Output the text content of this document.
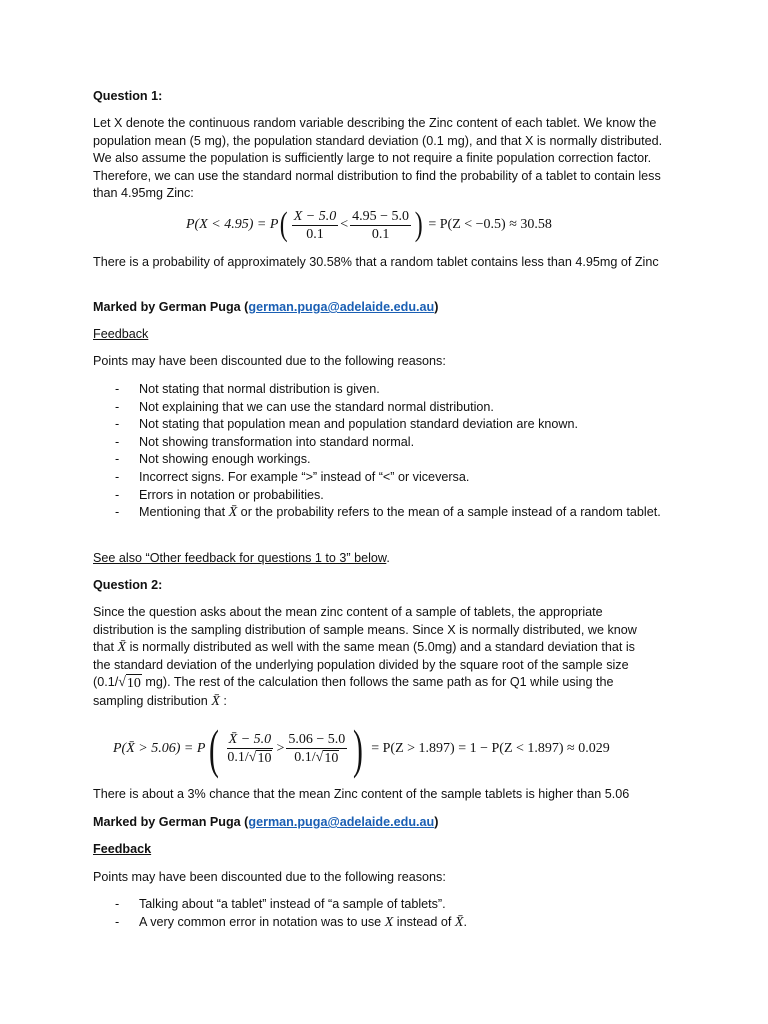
Question 1:

Let X denote the continuous random variable describing the Zinc content of each tablet. We know the population mean (5 mg), the population standard deviation (0.1 mg), and that X is normally distributed. We also assume the population is sufficiently large to not require a finite population correction factor. Therefore, we can use the standard normal distribution to find the probability of a tablet to contain less than 4.95mg Zinc:

P(X < 4.95) = P ( $\frac{X - 5.0}{0.1} < \frac{4.95 - 5.0}{0.1}$ ) = P(Z < −0.5) ≈ 30.58

There is a probability of approximately 30.58% that a random tablet contains less than 4.95mg of Zinc

Marked by German Puga (german.puga@adelaide.edu.au)

Feedback

Points may have been discounted due to the following reasons:

- Not stating that normal distribution is given.
- Not explaining that we can use the standard normal distribution.
- Not stating that population mean and population standard deviation are known.
- Not showing transformation into standard normal.
- Not showing enough workings.
- Incorrect signs. For example “>” instead of “<” or viceversa.
- Errors in notation or probabilities.
- Mentioning that X̄ or the probability refers to the mean of a sample instead of a random tablet.

See also “Other feedback for questions 1 to 3” below.

Question 2:

Since the question asks about the mean zinc content of a sample of tablets, the appropriate

distribution is the sampling distribution of sample means. Since X is normally distributed, we know

that X̄ is normally distributed as well with the same mean (5.0mg) and a standard deviation that is

the standard deviation of the underlying population divided by the square root of the sample size

(0.1/√ 10 mg). The rest of the calculation then follows the same path as for Q1 while using the

sampling distribution X̄ :

P(X̄ > 5.06) = P ( $\frac{X̄ - 5.0}{0.1/√ 10} > \frac{5.06 - 5.0}{0.1/√ 10}$ ) = P(Z > 1.897) = 1 − P(Z < 1.897) ≈ 0.029

There is about a 3% chance that the mean Zinc content of the sample tablets is higher than 5.06

Marked by German Puga (german.puga@adelaide.edu.au)

Feedback

Points may have been discounted due to the following reasons:

- Talking about “a tablet” instead of “a sample of tablets”.
- A very common error in notation was to use X instead of X̄.
